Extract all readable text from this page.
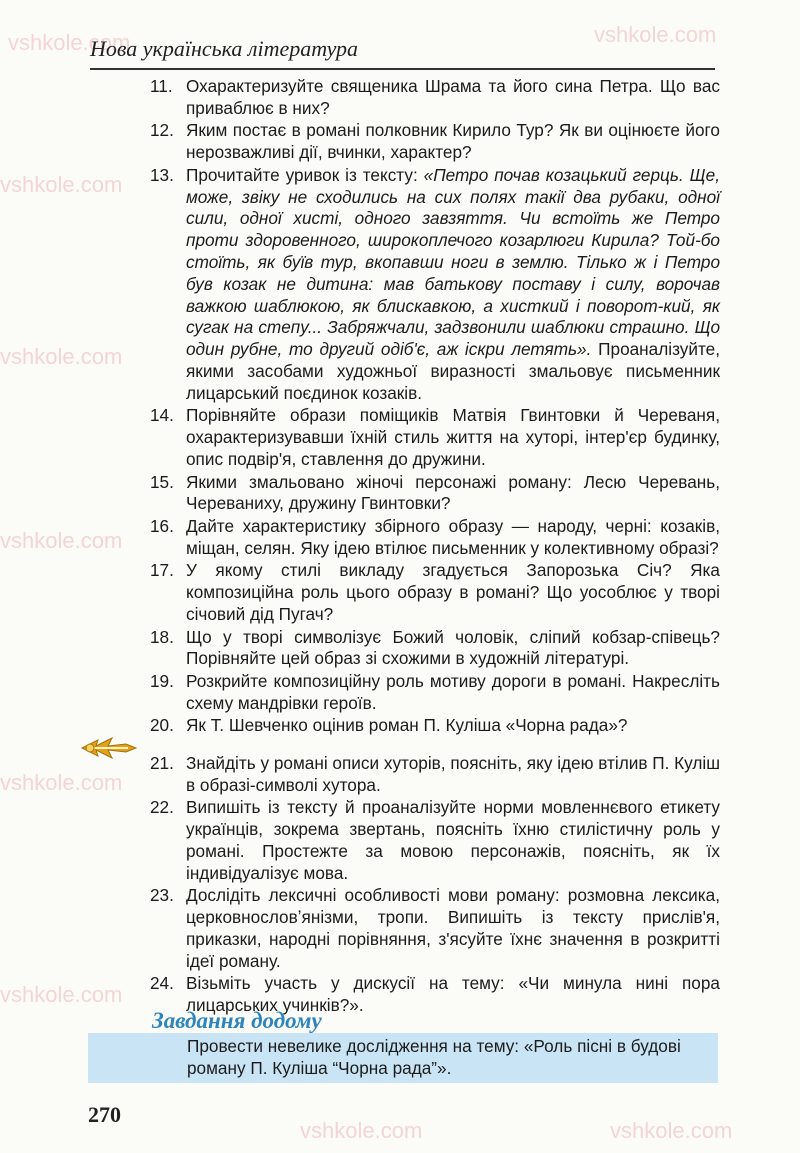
vshkole.com	vshkole.com
vshkole.com
vshkole.com
vshkole.com
vshkole.com
vshkole.com
vshkole.com	vshkole.com
Нова українська література
11. Охарактеризуйте священика Шрама та його сина Петра. Що вас приваблює в них?
12. Яким постає в романі полковник Кирило Тур? Як ви оцінюєте його нерозважливі дії, вчинки, характер?
13. Прочитайте уривок із тексту: «Петро почав козацький герць. Ще, може, звіку не сходились на сих полях такії два рубаки, одної сили, одної хисті, одного завзяття. Чи встоїть же Петро проти здоровенного, широкоплечого козарлюги Кирила? Той-бо стоїть, як буїв тур, вкопавши ноги в землю. Тілько ж і Петро був козак не дитина: мав батькову поставу і силу, ворочав важкою шаблюкою, як блискавкою, а хисткий і поворот-кий, як сугак на степу... Забряжчали, задзвонили шаблюки страшно. Що один рубне, то другий одіб'є, аж іскри летять». Проаналізуйте, якими засобами художньої виразності змальовує письменник лицарський поєдинок козаків.
14. Порівняйте образи поміщиків Матвія Гвинтовки й Череваня, охарактеризувавши їхній стиль життя на хуторі, інтер'єр будинку, опис подвір'я, ставлення до дружини.
15. Якими змальовано жіночі персонажі роману: Лесю Черевань, Череваниху, дружину Гвинтовки?
16. Дайте характеристику збірного образу — народу, черні: козаків, міщан, селян. Яку ідею втілює письменник у колективному образі?
17. У якому стилі викладу згадується Запорозька Січ? Яка композиційна роль цього образу в романі? Що уособлює у творі січовий дід Пугач?
18. Що у творі символізує Божий чоловік, сліпий кобзар-співець? Порівняйте цей образ зі схожими в художній літературі.
19. Розкрийте композиційну роль мотиву дороги в романі. Накресліть схему мандрівки героїв.
20. Як Т. Шевченко оцінив роман П. Куліша «Чорна рада»?
21. Знайдіть у романі описи хуторів, поясніть, яку ідею втілив П. Куліш в образі-символі хутора.
22. Випишіть із тексту й проаналізуйте норми мовленнєвого етикету українців, зокрема звертань, поясніть їхню стилістичну роль у романі. Простежте за мовою персонажів, поясніть, як їх індивідуалізує мова.
23. Дослідіть лексичні особливості мови роману: розмовна лексика, церковнословʼянізми, тропи. Випишіть із тексту прислів'я, приказки, народні порівняння, з'ясуйте їхнє значення в розкритті ідеї роману.
24. Візьміть участь у дискусії на тему: «Чи минула нині пора лицарських учинків?».
Завдання додому
Провести невелике дослідження на тему: «Роль пісні в будові роману П. Куліша “Чорна рада”».
270
